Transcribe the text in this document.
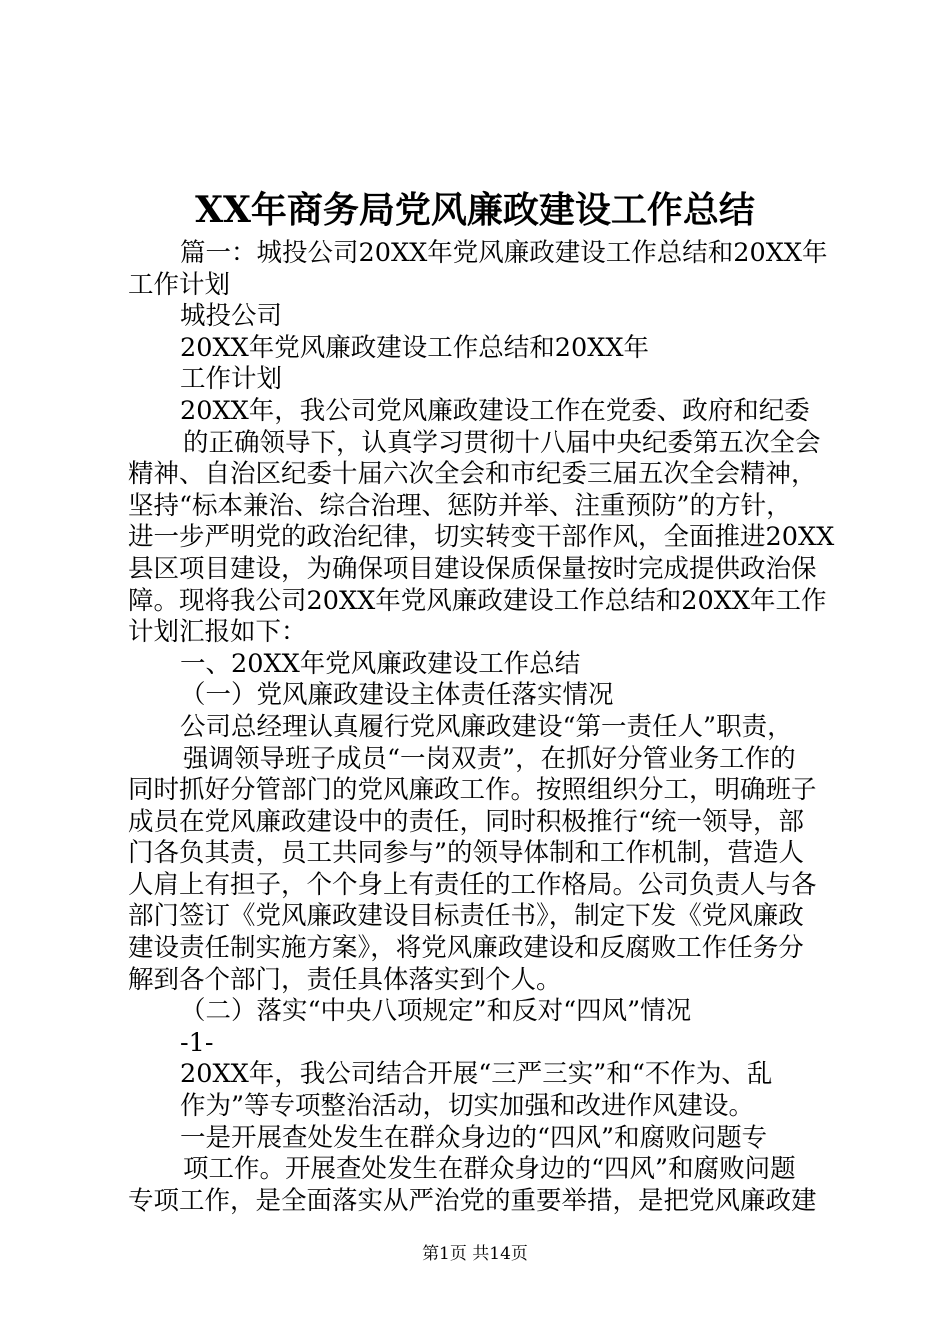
XX年商务局党风廉政建设工作总结
篇一：城投公司20XX年党风廉政建设工作总结和20XX年
工作计划
城投公司
20XX年党风廉政建设工作总结和20XX年
工作计划
20XX年，我公司党风廉政建设工作在党委、政府和纪委
的正确领导下，认真学习贯彻十八届中央纪委第五次全会
精神、自治区纪委十届六次全会和市纪委三届五次全会精神，
坚持“标本兼治、综合治理、惩防并举、注重预防”的方针，
进一步严明党的政治纪律，切实转变干部作风，全面推进20XX
县区项目建设，为确保项目建设保质保量按时完成提供政治保
障。现将我公司20XX年党风廉政建设工作总结和20XX年工作
计划汇报如下：
一、20XX年党风廉政建设工作总结
（一）党风廉政建设主体责任落实情况
公司总经理认真履行党风廉政建设“第一责任人”职责，
强调领导班子成员“一岗双责”，在抓好分管业务工作的
同时抓好分管部门的党风廉政工作。按照组织分工，明确班子
成员在党风廉政建设中的责任，同时积极推行“统一领导，部
门各负其责，员工共同参与”的领导体制和工作机制，营造人
人肩上有担子，个个身上有责任的工作格局。公司负责人与各
部门签订《党风廉政建设目标责任书》，制定下发《党风廉政
建设责任制实施方案》，将党风廉政建设和反腐败工作任务分
解到各个部门，责任具体落实到个人。
（二）落实“中央八项规定”和反对“四风”情况
-1-
20XX年，我公司结合开展“三严三实”和“不作为、乱
作为”等专项整治活动，切实加强和改进作风建设。
一是开展查处发生在群众身边的“四风”和腐败问题专
项工作。开展查处发生在群众身边的“四风”和腐败问题
专项工作，是全面落实从严治党的重要举措，是把党风廉政建
第1页 共14页
